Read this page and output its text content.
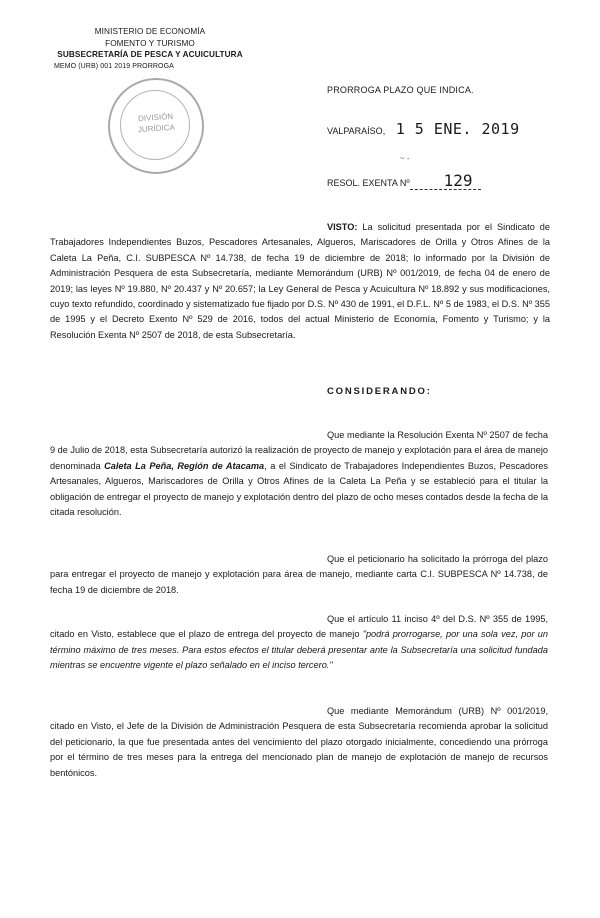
MINISTERIO DE ECONOMÍA
FOMENTO Y TURISMO
SUBSECRETARÍA DE PESCA Y ACUICULTURA
MEMO (URB) 001 2019 PRORROGA
DIVISIÓN
JURÍDICA
PRORROGA PLAZO QUE INDICA.
VALPARAÍSO, 1 5 ENE. 2019
~ -
RESOL. EXENTA Nº 129
VISTO: La solicitud presentada por el Sindicato de Trabajadores Independientes Buzos, Pescadores Artesanales, Algueros, Mariscadores de Orilla y Otros Afines de la Caleta La Peña, C.I. SUBPESCA Nº 14.738, de fecha 19 de diciembre de 2018; lo informado por la División de Administración Pesquera de esta Subsecretaría, mediante Memorándum (URB) Nº 001/2019, de fecha 04 de enero de 2019; las leyes Nº 19.880, Nº 20.437 y Nº 20.657; la Ley General de Pesca y Acuicultura Nº 18.892 y sus modificaciones, cuyo texto refundido, coordinado y sistematizado fue fijado por D.S. Nº 430 de 1991, el D.F.L. Nº 5 de 1983, el D.S. Nº 355 de 1995 y el Decreto Exento Nº 529 de 2016, todos del actual Ministerio de Economía, Fomento y Turismo; y la Resolución Exenta Nº 2507 de 2018, de esta Subsecretaría.
CONSIDERANDO:
Que mediante la Resolución Exenta Nº 2507 de fecha 9 de Julio de 2018, esta Subsecretaría autorizó la realización de proyecto de manejo y explotación para el área de manejo denominada Caleta La Peña, Región de Atacama, a el Sindicato de Trabajadores Independientes Buzos, Pescadores Artesanales, Algueros, Mariscadores de Orilla y Otros Afines de la Caleta La Peña y se estableció para el titular la obligación de entregar el proyecto de manejo y explotación dentro del plazo de ocho meses contados desde la fecha de la citada resolución.
Que el peticionario ha solicitado la prórroga del plazo para entregar el proyecto de manejo y explotación para área de manejo, mediante carta C.I. SUBPESCA Nº 14.738, de fecha 19 de diciembre de 2018.
Que el artículo 11 inciso 4º del D.S. Nº 355 de 1995, citado en Visto, establece que el plazo de entrega del proyecto de manejo "podrá prorrogarse, por una sola vez, por un término máximo de tres meses. Para estos efectos el titular deberá presentar ante la Subsecretaría una solicitud fundada mientras se encuentre vigente el plazo señalado en el inciso tercero."
Que mediante Memorándum (URB) Nº 001/2019, citado en Visto, el Jefe de la División de Administración Pesquera de esta Subsecretaría recomienda aprobar la solicitud del peticionario, la que fue presentada antes del vencimiento del plazo otorgado inicialmente, concediendo una prórroga por el término de tres meses para la entrega del mencionado plan de manejo de explotación de manejo de recursos bentónicos.
